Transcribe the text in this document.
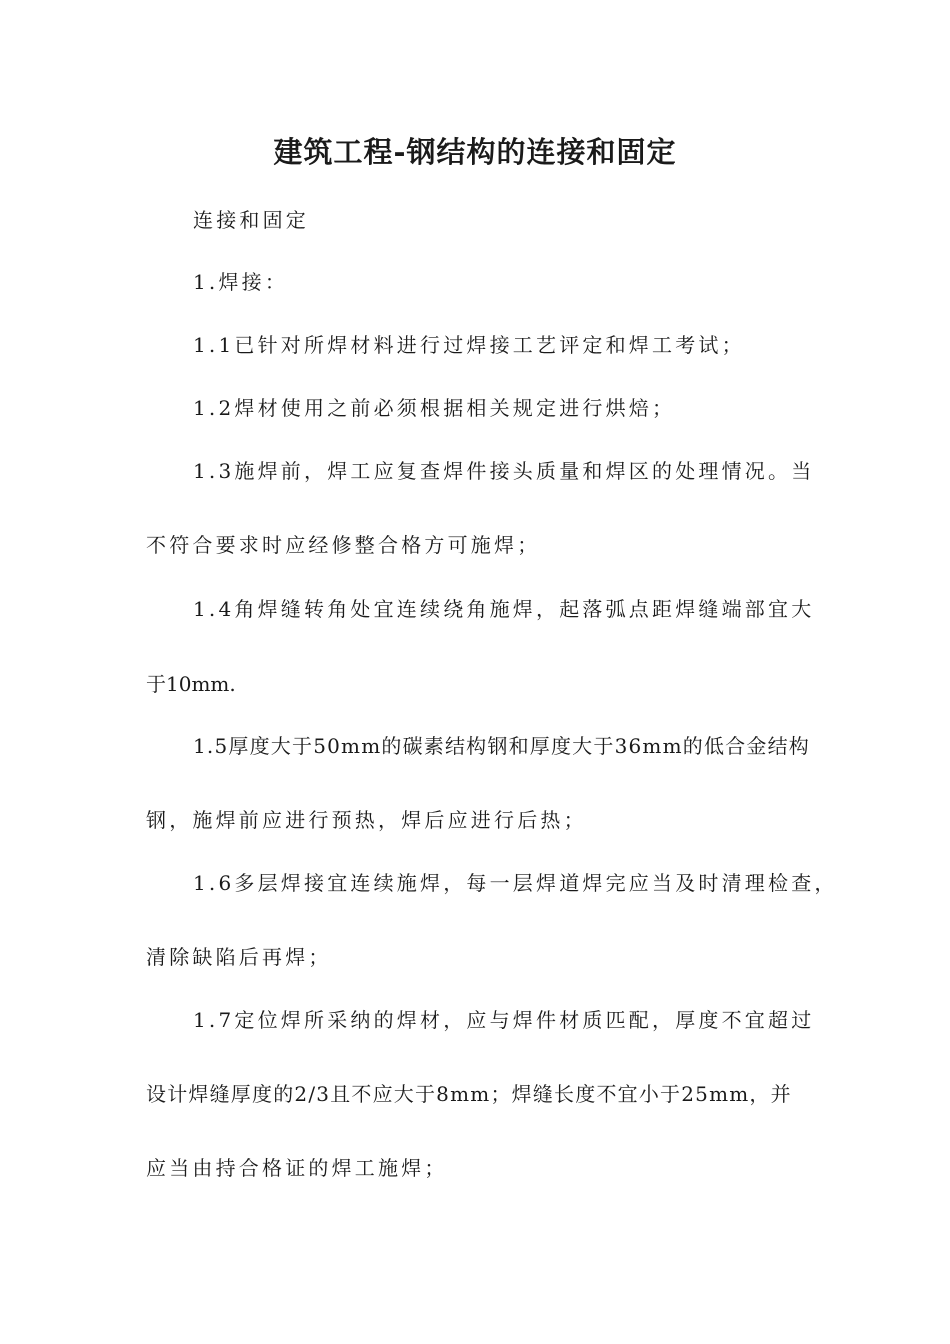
建筑工程-钢结构的连接和固定
连接和固定
1.焊接：
1.1已针对所焊材料进行过焊接工艺评定和焊工考试；
1.2焊材使用之前必须根据相关规定进行烘焙；
1.3施焊前，焊工应复查焊件接头质量和焊区的处理情况。当
不符合要求时应经修整合格方可施焊；
1.4角焊缝转角处宜连续绕角施焊，起落弧点距焊缝端部宜大
于10mm.
1.5厚度大于50mm的碳素结构钢和厚度大于36mm的低合金结构
钢，施焊前应进行预热，焊后应进行后热；
1.6多层焊接宜连续施焊，每一层焊道焊完应当及时清理检查，
清除缺陷后再焊；
1.7定位焊所采纳的焊材，应与焊件材质匹配，厚度不宜超过
设计焊缝厚度的2/3且不应大于8mm；焊缝长度不宜小于25mm，并
应当由持合格证的焊工施焊；
